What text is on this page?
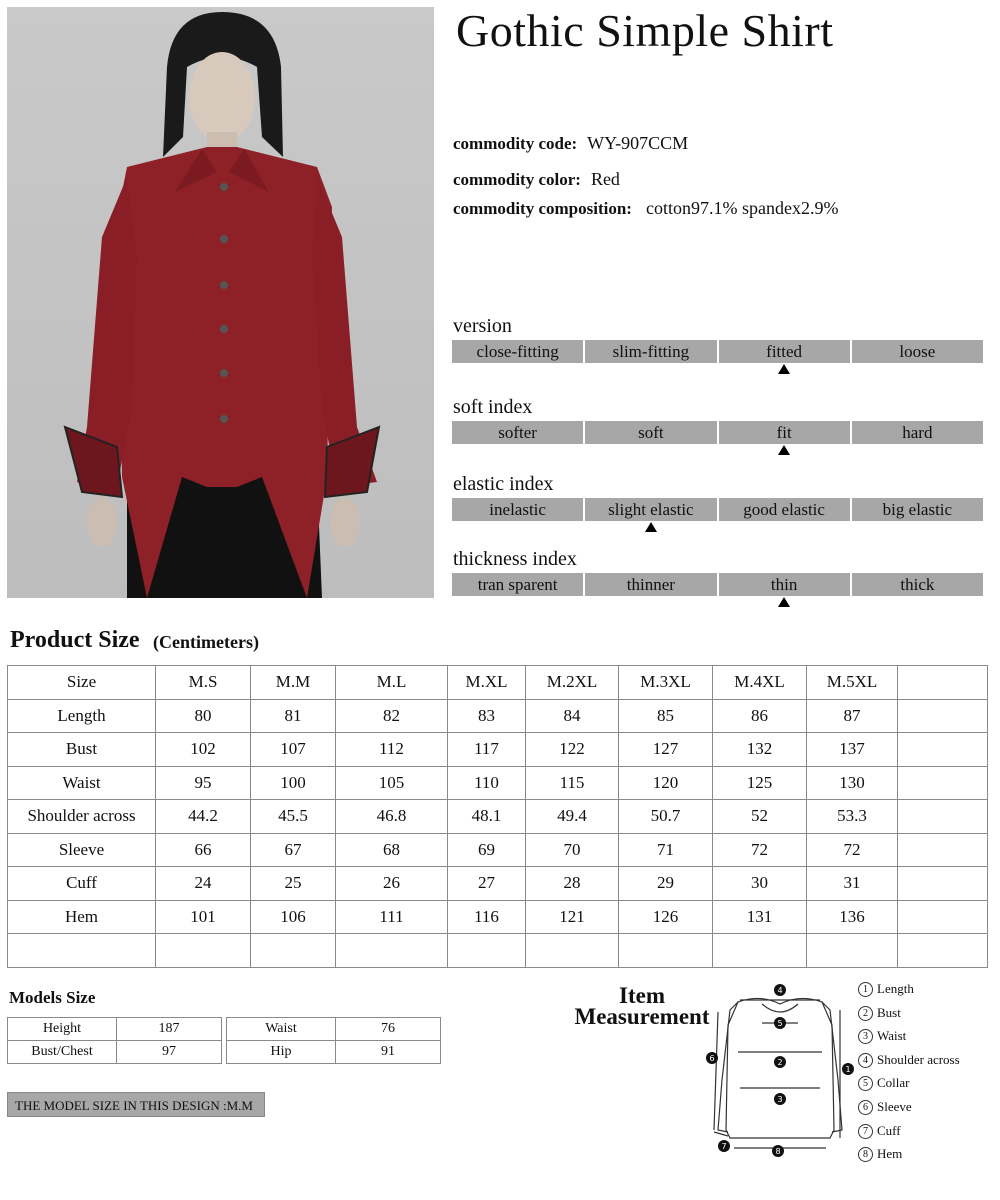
Gothic Simple Shirt
commodity code: WY-907CCM
commodity color: Red
commodity composition: cotton97.1% spandex2.9%
version
close-fitting	slim-fitting	fitted	loose
soft index
softer	soft	fit	hard
elastic index
inelastic	slight elastic	good elastic	big elastic
thickness index
tran sparent	thinner	thin	thick
Product Size (Centimeters)
Size	M.S	M.M	M.L	M.XL	M.2XL	M.3XL	M.4XL	M.5XL	
Length	80	81	82	83	84	85	86	87	
Bust	102	107	112	117	122	127	132	137	
Waist	95	100	105	110	115	120	125	130	
Shoulder across	44.2	45.5	46.8	48.1	49.4	50.7	52	53.3	
Sleeve	66	67	68	69	70	71	72	72	
Cuff	24	25	26	27	28	29	30	31	
Hem	101	106	111	116	121	126	131	136	

Models Size
Height	187
Bust/Chest	97
Waist	76
Hip	91
THE MODEL SIZE IN THIS DESIGN :M.M
Item Measurement
4
5
2
3
8
1
6
7
1 Length
2 Bust
3 Waist
4 Shoulder across
5 Collar
6 Sleeve
7 Cuff
8 Hem
